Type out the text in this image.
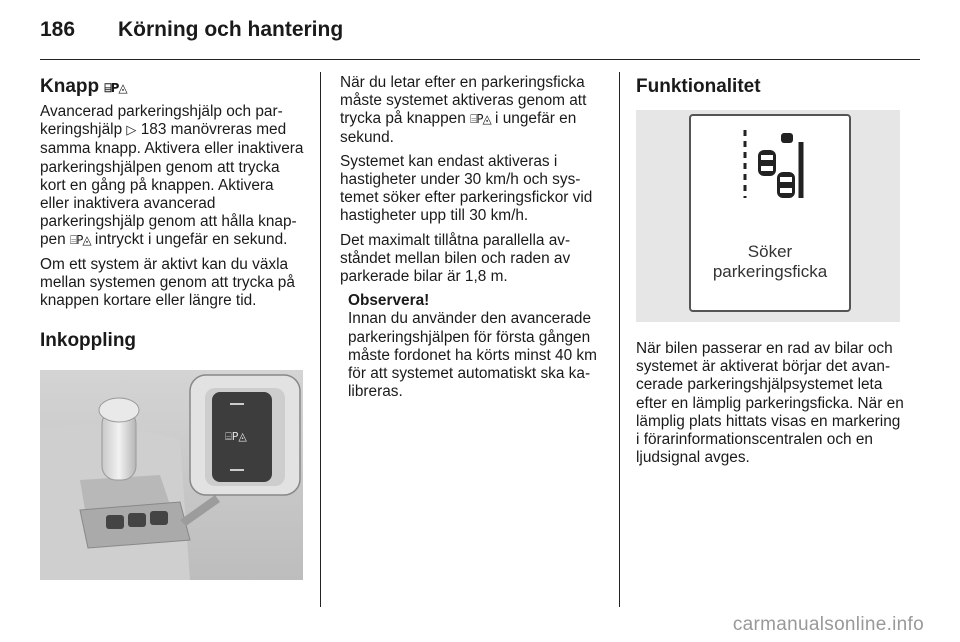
186 Körning och hantering
Knapp ⌸P◬

Avancerad parkeringshjälp och parkeringshjälp ▷ 183 manövreras med samma knapp. Aktivera eller inaktivera parkeringshjälpen genom att trycka kort en gång på knappen. Aktivera eller inaktivera avancerad parkeringshjälp genom att hålla knappen ⌸P◬ intryckt i ungefär en sekund.

Om ett system är aktivt kan du växla mellan systemen genom att trycka på knappen kortare eller längre tid.

Inkoppling
⌸P◬

När du letar efter en parkeringsficka måste systemet aktiveras genom att trycka på knappen ⌸P◬ i ungefär en sekund.

Systemet kan endast aktiveras i hastigheter under 30 km/h och systemet söker efter parkeringsfickor vid hastigheter upp till 30 km/h.

Det maximalt tillåtna parallella avståndet mellan bilen och raden av parkerade bilar är 1,8 m.

Observera!
Innan du använder den avancerade parkeringshjälpen för första gången måste fordonet ha körts minst 40 km för att systemet automatiskt ska kalibreras.
Funktionalitet
Söker
parkeringsficka

När bilen passerar en rad av bilar och systemet är aktiverat börjar det avancerade parkeringshjälpsystemet leta efter en lämplig parkeringsficka. När en lämplig plats hittats visas en markering i förarinformationscentralen och en ljudsignal avges.

carmanualsonline.info
